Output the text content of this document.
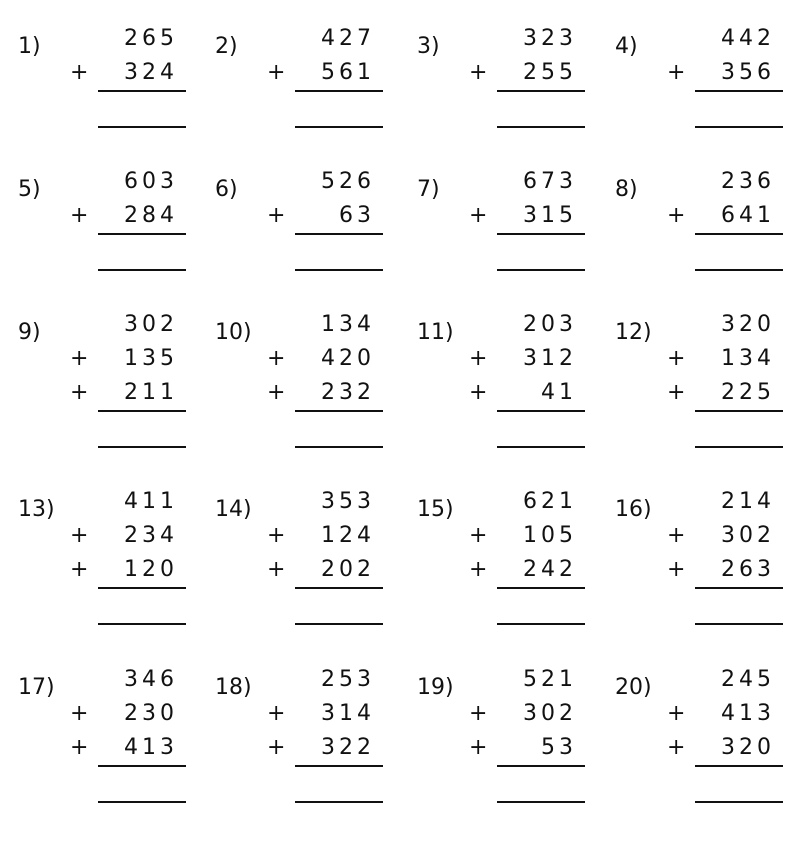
1)	265
+ 324
2)	427
+ 561
3)	323
+ 255
4)	442
+ 356
5)	603
+ 284
6)	526
+ 63
7)	673
+ 315
8)	236
+ 641
9)	302
+ 135
+ 211
10)	134
+ 420
+ 232
11)	203
+ 312
+ 41
12)	320
+ 134
+ 225
13)	411
+ 234
+ 120
14)	353
+ 124
+ 202
15)	621
+ 105
+ 242
16)	214
+ 302
+ 263
17)	346
+ 230
+ 413
18)	253
+ 314
+ 322
19)	521
+ 302
+ 53
20)	245
+ 413
+ 320
